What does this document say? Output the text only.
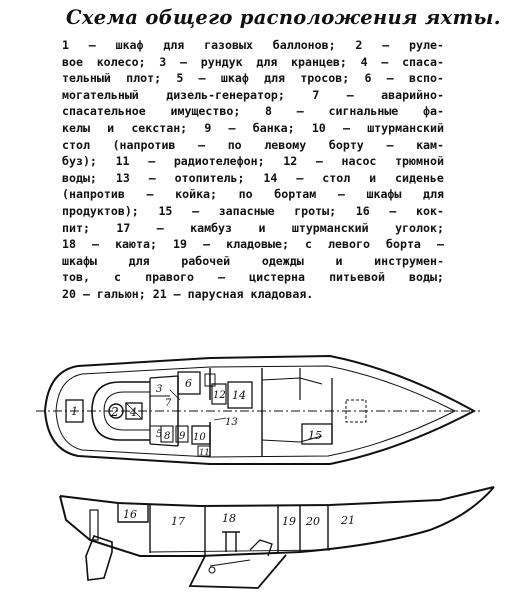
Схема общего расположения яхты.
1 — шкаф для газовых баллонов; 2 — руле-
вое колесо; 3 — рундук для кранцев; 4 — спаса-
тельный плот; 5 — шкаф для тросов; 6 — вспо-
могательный дизель-генератор; 7 — аварийно-
спасательное имущество; 8 — сигнальные фа-
келы и секстан; 9 — банка; 10 — штурманский
стол (напротив — по левому борту — кам-
буз); 11 — радиотелефон; 12 — насос трюмной
воды; 13 — отопитель; 14 — стол и сиденье
(напротив — койка; по бортам — шкафы для
продуктов); 15 — запасные гроты; 16 — кок-
пит; 17 — камбуз и штурманский уголок;
18 — каюта; 19 — кладовые; с левого борта —
шкафы	для	рабочей	одежды	и	инструмен-
тов, с правого — цистерна питьевой воды;
20 — гальюн; 21 — парусная кладовая.
1	2 4
3
5
6
7
8 9 10
11
12
13
14
15
16
17	18	19 20 21
